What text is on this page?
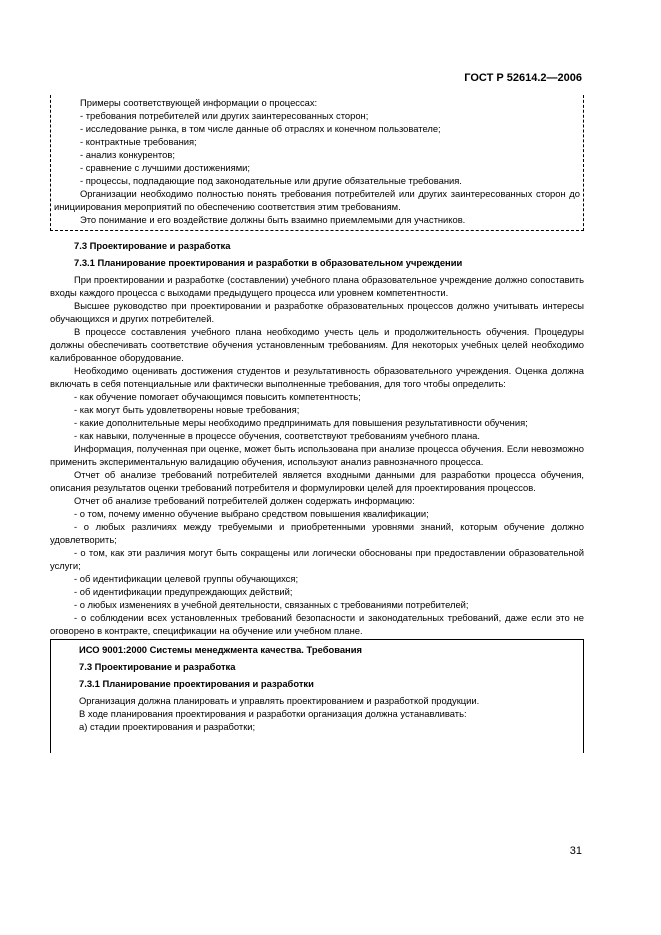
ГОСТ Р 52614.2—2006

Примеры соответствующей информации о процессах:

- требования потребителей или других заинтересованных сторон;

- исследование рынка, в том числе данные об отраслях и конечном пользователе;

- контрактные требования;

- анализ конкурентов;

- сравнение с лучшими достижениями;

- процессы, подпадающие под законодательные или другие обязательные требования.

Организации необходимо полностью понять требования потребителей или других заинтересованных сторон до инициирования мероприятий по обеспечению соответствия этим требованиям.

Это понимание и его воздействие должны быть взаимно приемлемыми для участников.

7.3 Проектирование и разработка

7.3.1 Планирование проектирования и разработки в образовательном учреждении

При проектировании и разработке (составлении) учебного плана образовательное учреждение должно сопоставить входы каждого процесса с выходами предыдущего процесса или уровнем компетентности.

Высшее руководство при проектировании и разработке образовательных процессов должно учитывать интересы обучающихся и других потребителей.

В процессе составления учебного плана необходимо учесть цель и продолжительность обучения. Процедуры должны обеспечивать соответствие обучения установленным требованиям. Для некоторых учебных целей необходимо калиброванное оборудование.

Необходимо оценивать достижения студентов и результативность образовательного учреждения. Оценка должна включать в себя потенциальные или фактически выполненные требования, для того чтобы определить:

- как обучение помогает обучающимся повысить компетентность;

- как могут быть удовлетворены новые требования;

- какие дополнительные меры необходимо предпринимать для повышения результативности обучения;

- как навыки, полученные в процессе обучения, соответствуют требованиям учебного плана.

Информация, полученная при оценке, может быть использована при анализе процесса обучения. Если невозможно применить экспериментальную валидацию обучения, используют анализ равнозначного процесса.

Отчет об анализе требований потребителей является входными данными для разработки процесса обучения, описания результатов оценки требований потребителя и формулировки целей для проектирования процессов.

Отчет об анализе требований потребителей должен содержать информацию:

- о том, почему именно обучение выбрано средством повышения квалификации;

- о любых различиях между требуемыми и приобретенными уровнями знаний, которым обучение должно удовлетворить;

- о том, как эти различия могут быть сокращены или логически обоснованы при предоставлении образовательной услуги;

- об идентификации целевой группы обучающихся;

- об идентификации предупреждающих действий;

- о любых изменениях в учебной деятельности, связанных с требованиями потребителей;

- о соблюдении всех установленных требований безопасности и законодательных требований, даже если это не оговорено в контракте, спецификации на обучение или учебном плане.

ИСО 9001:2000 Системы менеджмента качества. Требования

7.3 Проектирование и разработка

7.3.1 Планирование проектирования и разработки

Организация должна планировать и управлять проектированием и разработкой продукции.

В ходе планирования проектирования и разработки организация должна устанавливать:

а) стадии проектирования и разработки;

31
